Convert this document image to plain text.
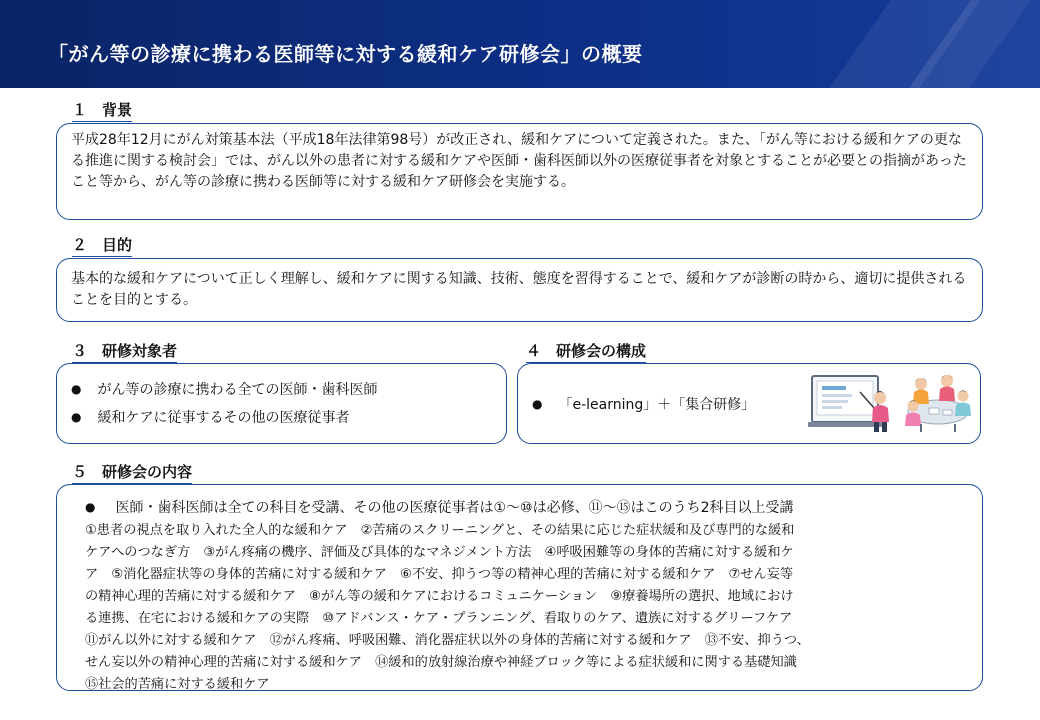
「がん等の診療に携わる医師等に対する緩和ケア研修会」の概要
１　背景

平成28年12月にがん対策基本法（平成18年法律第98号）が改正され、緩和ケアについて定義された。また、「がん等における緩和ケアの更なる推進に関する検討会」では、がん以外の患者に対する緩和ケアや医師・歯科医師以外の医療従事者を対象とすることが必要との指摘があったこと等から、がん等の診療に携わる医師等に対する緩和ケア研修会を実施する。

２　目的

基本的な緩和ケアについて正しく理解し、緩和ケアに関する知識、技術、態度を習得することで、緩和ケアが診断の時から、適切に提供されることを目的とする。

３　研修対象者
● がん等の診療に携わる全ての医師・歯科医師
● 緩和ケアに従事するその他の医療従事者
４　研修会の構成
● 「e-learning」＋「集合研修」
５　研修会の内容
● 医師・歯科医師は全ての科目を受講、その他の医療従事者は①～⑩は必修、⑪～⑮はこのうち2科目以上受講
①患者の視点を取り入れた全人的な緩和ケア　②苦痛のスクリーニングと、その結果に応じた症状緩和及び専門的な緩和
ケアへのつなぎ方　③がん疼痛の機序、評価及び具体的なマネジメント方法　④呼吸困難等の身体的苦痛に対する緩和ケ
ア　⑤消化器症状等の身体的苦痛に対する緩和ケア　⑥不安、抑うつ等の精神心理的苦痛に対する緩和ケア　⑦せん妄等
の精神心理的苦痛に対する緩和ケア　⑧がん等の緩和ケアにおけるコミュニケーション　⑨療養場所の選択、地域におけ
る連携、在宅における緩和ケアの実際　⑩アドバンス・ケア・プランニング、看取りのケア、遺族に対するグリーフケア
⑪がん以外に対する緩和ケア　⑫がん疼痛、呼吸困難、消化器症状以外の身体的苦痛に対する緩和ケア　⑬不安、抑うつ、
せん妄以外の精神心理的苦痛に対する緩和ケア　⑭緩和的放射線治療や神経ブロック等による症状緩和に関する基礎知識
⑮社会的苦痛に対する緩和ケア
